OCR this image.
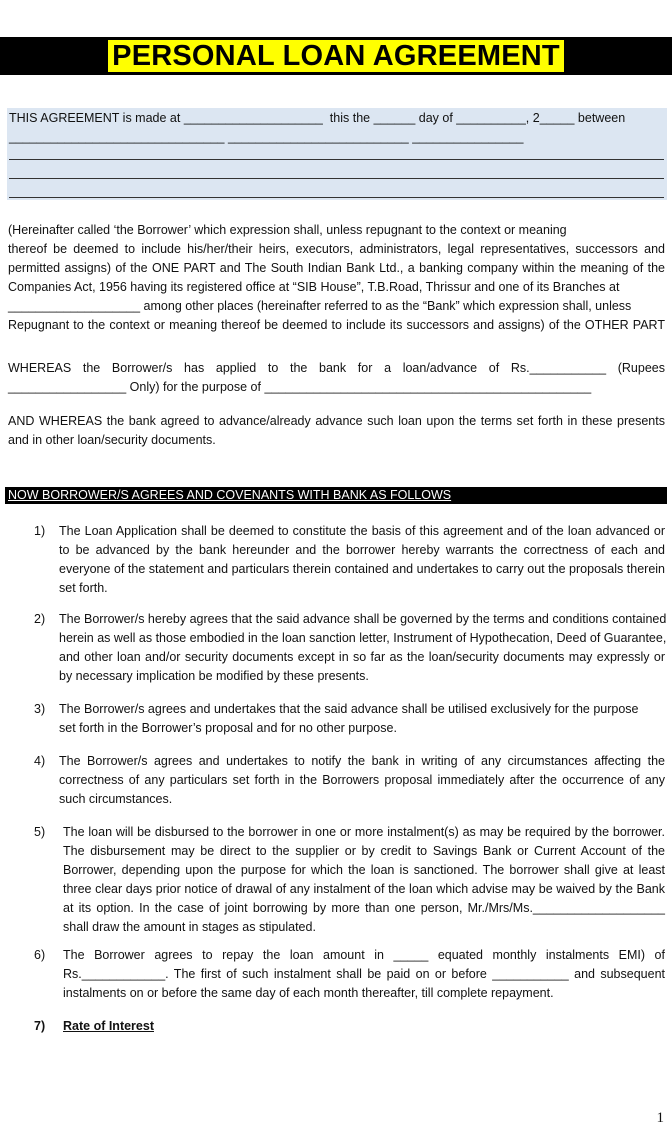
PERSONAL LOAN AGREEMENT
THIS AGREEMENT is made at ____________________  this the ______ day of __________, 2_____ between
_______________________________ __________________________ ________________
(Hereinafter called ‘the Borrower’ which expression shall, unless repugnant to the context or meaning
thereof be deemed to include his/her/their heirs, executors, administrators, legal representatives, successors and
permitted assigns) of the ONE PART and The South Indian Bank Ltd., a banking company within the meaning of the
Companies Act, 1956 having its registered office at “SIB House”, T.B.Road, Thrissur and one of its Branches at
___________________ among other places (hereinafter referred to as the “Bank” which expression shall, unless
Repugnant to the context or meaning thereof be deemed to include its successors and assigns) of the OTHER PART
WHEREAS the Borrower/s has applied to the bank for a loan/advance of Rs.___________ (Rupees
_________________ Only) for the purpose of _______________________________________________
AND WHEREAS the bank agreed to advance/already advance such loan upon the terms set forth in these presents
and in other loan/security documents.
NOW BORROWER/S AGREES AND COVENANTS WITH BANK AS FOLLOWS
1) The Loan Application shall be deemed to constitute the basis of this agreement and of the loan advanced or
to be advanced by the bank hereunder and the borrower hereby warrants the correctness of each and
everyone of the statement and particulars therein contained and undertakes to carry out the proposals therein
set forth.
2) The Borrower/s hereby agrees that the said advance shall be governed by the terms and conditions contained
herein as well as those embodied in the loan sanction letter, Instrument of Hypothecation, Deed of Guarantee,
and other loan and/or security documents except in so far as the loan/security documents may expressly or
by necessary implication be modified by these presents.
3) The Borrower/s agrees and undertakes that the said advance shall be utilised exclusively for the purpose
set forth in the Borrower’s proposal and for no other purpose.
4) The Borrower/s agrees and undertakes to notify the bank in writing of any circumstances affecting the
correctness of any particulars set forth in the Borrowers proposal immediately after the occurrence of any
such circumstances.
5) The loan will be disbursed to the borrower in one or more instalment(s) as may be required by the borrower.
The disbursement may be direct to the supplier or by credit to Savings Bank or Current Account of the
Borrower, depending upon the purpose for which the loan is sanctioned. The borrower shall give at least
three clear days prior notice of drawal of any instalment of the loan which advise may be waived by the Bank
at its option. In the case of joint borrowing by more than one person, Mr./Mrs/Ms.___________________
shall draw the amount in stages as stipulated.
6) The Borrower agrees to repay the loan amount in _____ equated monthly instalments EMI) of
Rs.____________. The first of such instalment shall be paid on or before ___________ and subsequent
instalments on or before the same day of each month thereafter, till complete repayment.
7) Rate of Interest
1
